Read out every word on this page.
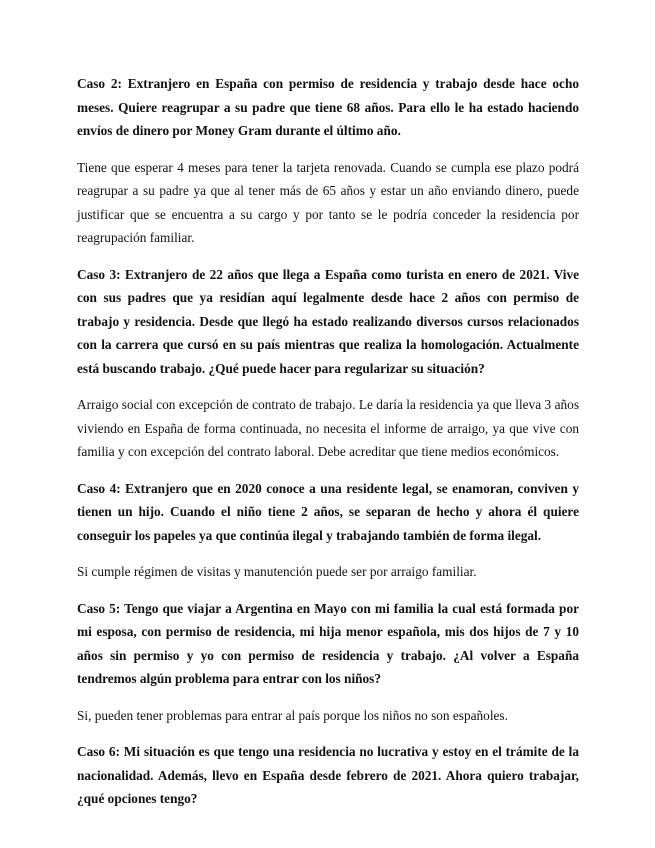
Caso 2: Extranjero en España con permiso de residencia y trabajo desde hace ocho meses. Quiere reagrupar a su padre que tiene 68 años. Para ello le ha estado haciendo envíos de dinero por Money Gram durante el último año.

Tiene que esperar 4 meses para tener la tarjeta renovada. Cuando se cumpla ese plazo podrá reagrupar a su padre ya que al tener más de 65 años y estar un año enviando dinero, puede justificar que se encuentra a su cargo y por tanto se le podría conceder la residencia por reagrupación familiar.

Caso 3: Extranjero de 22 años que llega a España como turista en enero de 2021. Vive con sus padres que ya residían aquí legalmente desde hace 2 años con permiso de trabajo y residencia. Desde que llegó ha estado realizando diversos cursos relacionados con la carrera que cursó en su país mientras que realiza la homologación. Actualmente está buscando trabajo. ¿Qué puede hacer para regularizar su situación?

Arraigo social con excepción de contrato de trabajo. Le daría la residencia ya que lleva 3 años viviendo en España de forma continuada, no necesita el informe de arraigo, ya que vive con familia y con excepción del contrato laboral. Debe acreditar que tiene medios económicos.

Caso 4: Extranjero que en 2020 conoce a una residente legal, se enamoran, conviven y tienen un hijo. Cuando el niño tiene 2 años, se separan de hecho y ahora él quiere conseguir los papeles ya que continúa ilegal y trabajando también de forma ilegal.

Si cumple régimen de visitas y manutención puede ser por arraigo familiar.

Caso 5: Tengo que viajar a Argentina en Mayo con mi familia la cual está formada por mi esposa, con permiso de residencia, mi hija menor española, mis dos hijos de 7 y 10 años sin permiso y yo con permiso de residencia y trabajo. ¿Al volver a España tendremos algún problema para entrar con los niños?

Si, pueden tener problemas para entrar al país porque los niños no son españoles.

Caso 6: Mi situación es que tengo una residencia no lucrativa y estoy en el trámite de la nacionalidad. Además, llevo en España desde febrero de 2021. Ahora quiero trabajar, ¿qué opciones tengo?
